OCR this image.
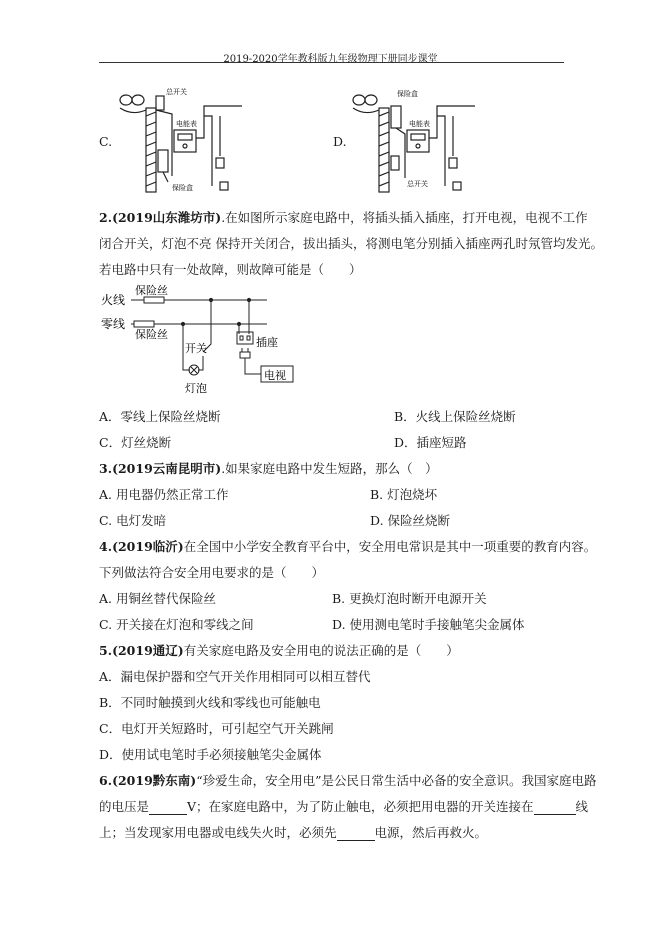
2019-2020学年教科版九年级物理下册同步课堂
C.
总开关
电能表
保险盒
D.
保险盒
电能表
总开关
2.(2019山东潍坊市).在如图所示家庭电路中，将插头插入插座，打开电视，电视不工作
闭合开关，灯泡不亮 保持开关闭合，拔出插头，将测电笔分别插入插座两孔时氖管均发光。
若电路中只有一处故障，则故障可能是（　　）
火线
保险丝
零线
保险丝
开关	插座
灯泡
电视
A．零线上保险丝烧断	B．火线上保险丝烧断
C．灯丝烧断	D．插座短路
3.(2019云南昆明市).如果家庭电路中发生短路，那么（　）
A. 用电器仍然正常工作	B. 灯泡烧坏
C. 电灯发暗	D. 保险丝烧断
4.(2019临沂)在全国中小学安全教育平台中，安全用电常识是其中一项重要的教育内容。
下列做法符合安全用电要求的是（　　）
A. 用铜丝替代保险丝	B. 更换灯泡时断开电源开关
C. 开关接在灯泡和零线之间	D. 使用测电笔时手接触笔尖金属体
5.(2019通辽)有关家庭电路及安全用电的说法正确的是（　　）
A．漏电保护器和空气开关作用相同可以相互替代
B．不同时触摸到火线和零线也可能触电
C．电灯开关短路时，可引起空气开关跳闸
D．使用试电笔时手必须接触笔尖金属体
6.(2019黔东南)“珍爱生命，安全用电”是公民日常生活中必备的安全意识。我国家庭电路
的电压是	V；在家庭电路中，为了防止触电，必须把用电器的开关连接在	线
上；当发现家用电器或电线失火时，必须先	电源，然后再救火。
